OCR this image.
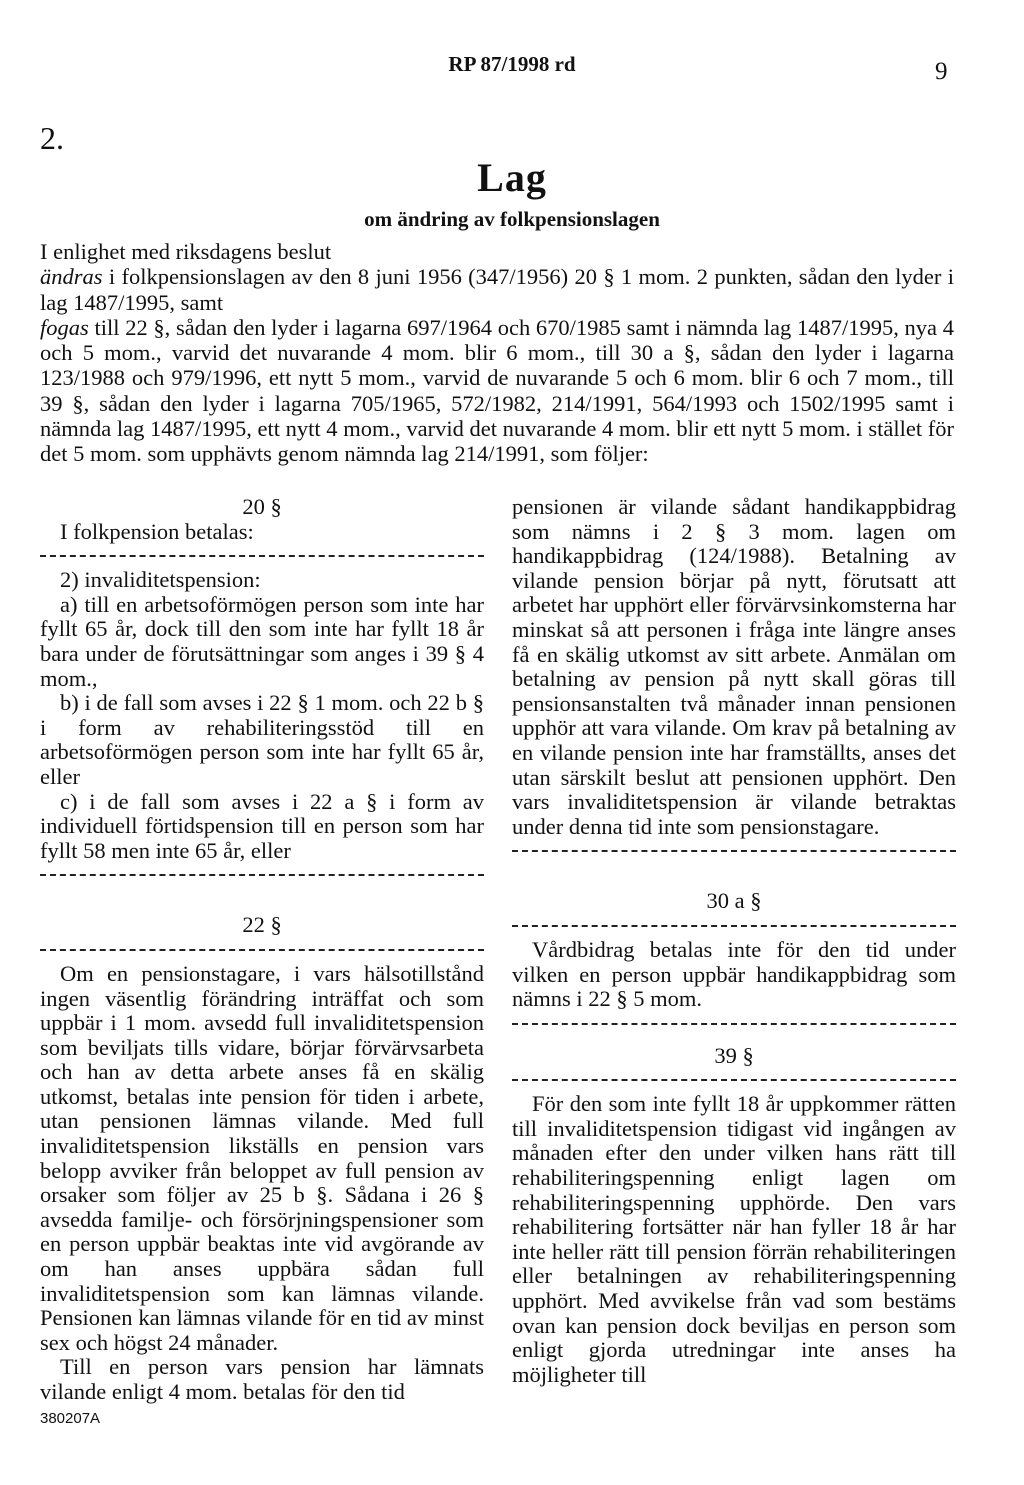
RP 87/1998 rd	9
2.
Lag
om ändring av folkpensionslagen

I enlighet med riksdagens beslut

ändras i folkpensionslagen av den 8 juni 1956 (347/1956) 20 § 1 mom. 2 punkten, sådan den lyder i lag 1487/1995, samt

fogas till 22 §, sådan den lyder i lagarna 697/1964 och 670/1985 samt i nämnda lag 1487/1995, nya 4 och 5 mom., varvid det nuvarande 4 mom. blir 6 mom., till 30 a §, sådan den lyder i lagarna 123/1988 och 979/1996, ett nytt 5 mom., varvid de nuvarande 5 och 6 mom. blir 6 och 7 mom., till 39 §, sådan den lyder i lagarna 705/1965, 572/1982, 214/1991, 564/1993 och 1502/1995 samt i nämnda lag 1487/1995, ett nytt 4 mom., varvid det nuvarande 4 mom. blir ett nytt 5 mom. i stället för det 5 mom. som upphävts genom nämnda lag 214/1991, som följer:

20 §

I folkpension betalas:

2) invaliditetspension:

a) till en arbetsoförmögen person som inte har fyllt 65 år, dock till den som inte har fyllt 18 år bara under de förutsättningar som anges i 39 § 4 mom.,

b) i de fall som avses i 22 § 1 mom. och 22 b § i form av rehabiliteringsstöd till en arbetsoförmögen person som inte har fyllt 65 år, eller

c) i de fall som avses i 22 a § i form av individuell förtidspension till en person som har fyllt 58 men inte 65 år, eller

22 §

Om en pensionstagare, i vars hälsotillstånd ingen väsentlig förändring inträffat och som uppbär i 1 mom. avsedd full invaliditetspension som beviljats tills vidare, börjar förvärvsarbeta och han av detta arbete anses få en skälig utkomst, betalas inte pension för tiden i arbete, utan pensionen lämnas vilande. Med full invaliditetspension likställs en pension vars belopp avviker från beloppet av full pension av orsaker som följer av 25 b §. Sådana i 26 § avsedda familje- och försörjningspensioner som en person uppbär beaktas inte vid avgörande av om han anses uppbära sådan full invaliditetspension som kan lämnas vilande. Pensionen kan lämnas vilande för en tid av minst sex och högst 24 månader.

Till en person vars pension har lämnats vilande enligt 4 mom. betalas för den tid

pensionen är vilande sådant handikappbidrag som nämns i 2 § 3 mom. lagen om handikappbidrag (124/1988). Betalning av vilande pension börjar på nytt, förutsatt att arbetet har upphört eller förvärvsinkomsterna har minskat så att personen i fråga inte längre anses få en skälig utkomst av sitt arbete. Anmälan om betalning av pension på nytt skall göras till pensionsanstalten två månader innan pensionen upphör att vara vilande. Om krav på betalning av en vilande pension inte har framställts, anses det utan särskilt beslut att pensionen upphört. Den vars invaliditetspension är vilande betraktas under denna tid inte som pensionstagare.

30 a §

Vårdbidrag betalas inte för den tid under vilken en person uppbär handikappbidrag som nämns i 22 § 5 mom.

39 §

För den som inte fyllt 18 år uppkommer rätten till invaliditetspension tidigast vid ingången av månaden efter den under vilken hans rätt till rehabiliteringspenning enligt lagen om rehabiliteringspenning upphörde. Den vars rehabilitering fortsätter när han fyller 18 år har inte heller rätt till pension förrän rehabiliteringen eller betalningen av rehabiliteringspenning upphört. Med avvikelse från vad som bestäms ovan kan pension dock beviljas en person som enligt gjorda utredningar inte anses ha möjligheter till

380207A
